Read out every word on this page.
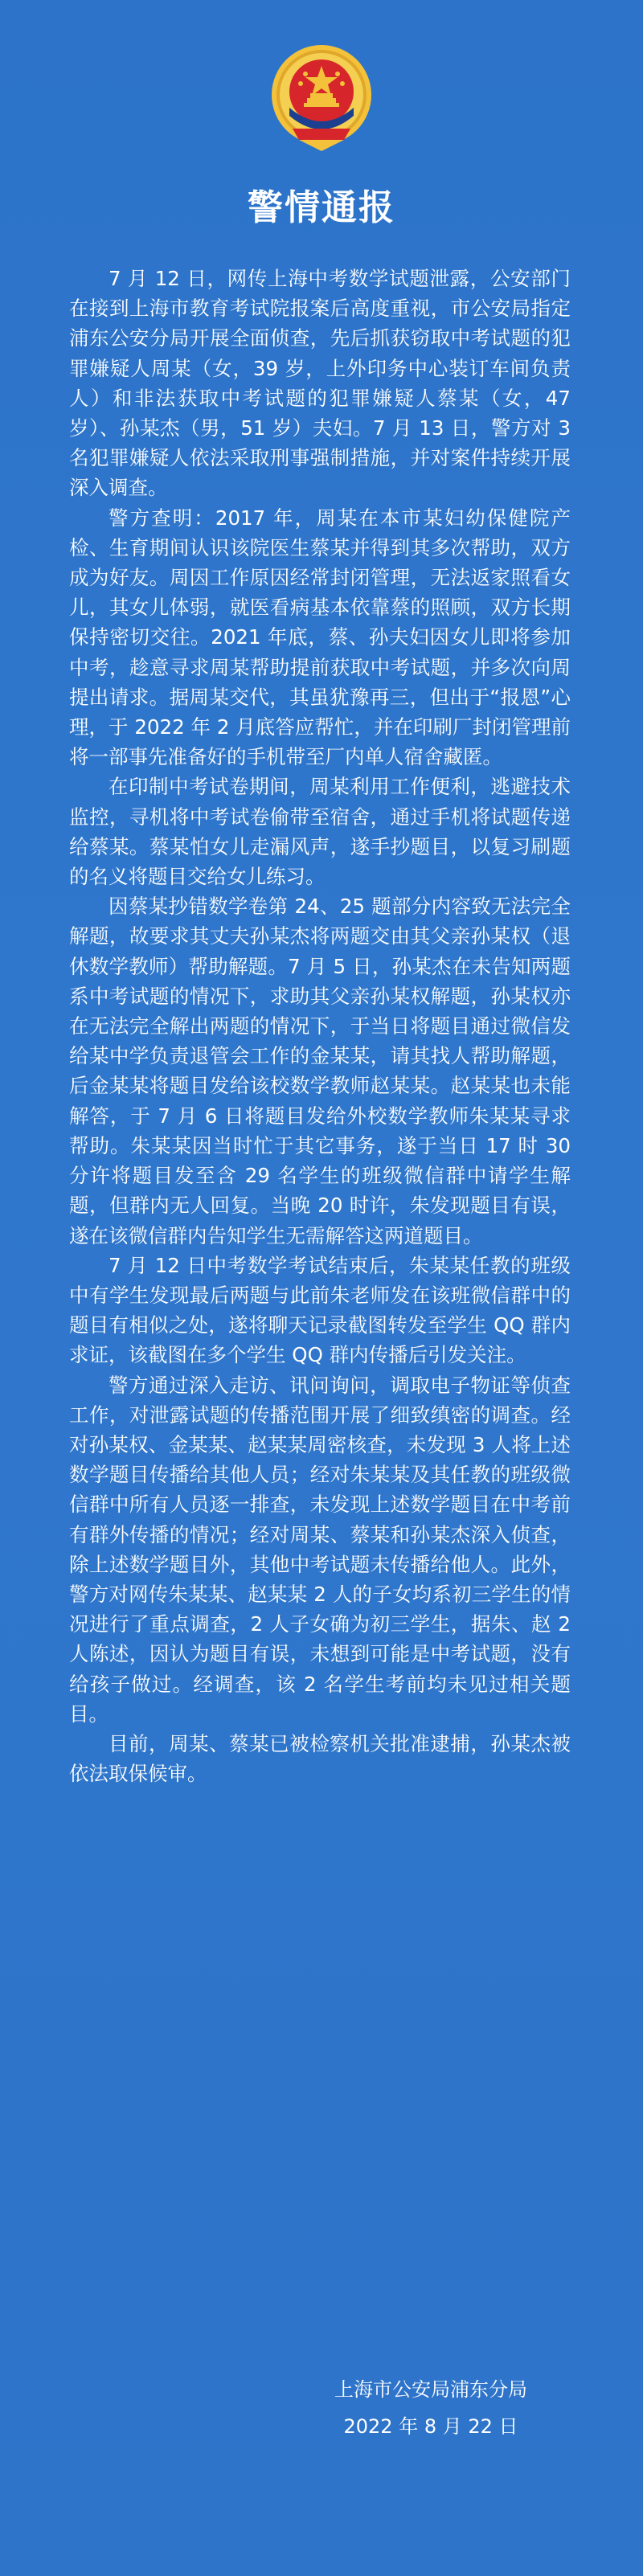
警情通报

7 月 12 日，网传上海中考数学试题泄露，公安部门在接到上海市教育考试院报案后高度重视，市公安局指定浦东公安分局开展全面侦查，先后抓获窃取中考试题的犯罪嫌疑人周某（女，39 岁，上外印务中心装订车间负责人）和非法获取中考试题的犯罪嫌疑人蔡某（女，47 岁）、孙某杰（男，51 岁）夫妇。7 月 13 日，警方对 3 名犯罪嫌疑人依法采取刑事强制措施，并对案件持续开展深入调查。

警方查明：2017 年，周某在本市某妇幼保健院产检、生育期间认识该院医生蔡某并得到其多次帮助，双方成为好友。周因工作原因经常封闭管理，无法返家照看女儿，其女儿体弱，就医看病基本依靠蔡的照顾，双方长期保持密切交往。2021 年底，蔡、孙夫妇因女儿即将参加中考，趁意寻求周某帮助提前获取中考试题，并多次向周提出请求。据周某交代，其虽犹豫再三，但出于“报恩”心理，于 2022 年 2 月底答应帮忙，并在印刷厂封闭管理前将一部事先准备好的手机带至厂内单人宿舍藏匿。

在印制中考试卷期间，周某利用工作便利，逃避技术监控，寻机将中考试卷偷带至宿舍，通过手机将试题传递给蔡某。蔡某怕女儿走漏风声，遂手抄题目，以复习刷题的名义将题目交给女儿练习。

因蔡某抄错数学卷第 24、25 题部分内容致无法完全解题，故要求其丈夫孙某杰将两题交由其父亲孙某权（退休数学教师）帮助解题。7 月 5 日，孙某杰在未告知两题系中考试题的情况下，求助其父亲孙某权解题，孙某权亦在无法完全解出两题的情况下，于当日将题目通过微信发给某中学负责退管会工作的金某某，请其找人帮助解题，后金某某将题目发给该校数学教师赵某某。赵某某也未能解答，于 7 月 6 日将题目发给外校数学教师朱某某寻求帮助。朱某某因当时忙于其它事务，遂于当日 17 时 30 分许将题目发至含 29 名学生的班级微信群中请学生解题，但群内无人回复。当晚 20 时许，朱发现题目有误，遂在该微信群内告知学生无需解答这两道题目。

7 月 12 日中考数学考试结束后，朱某某任教的班级中有学生发现最后两题与此前朱老师发在该班微信群中的题目有相似之处，遂将聊天记录截图转发至学生 QQ 群内求证，该截图在多个学生 QQ 群内传播后引发关注。

警方通过深入走访、讯问询问，调取电子物证等侦查工作，对泄露试题的传播范围开展了细致缜密的调查。经对孙某权、金某某、赵某某周密核查，未发现 3 人将上述数学题目传播给其他人员；经对朱某某及其任教的班级微信群中所有人员逐一排查，未发现上述数学题目在中考前有群外传播的情况；经对周某、蔡某和孙某杰深入侦查，除上述数学题目外，其他中考试题未传播给他人。此外，警方对网传朱某某、赵某某 2 人的子女均系初三学生的情况进行了重点调查，2 人子女确为初三学生，据朱、赵 2 人陈述，因认为题目有误，未想到可能是中考试题，没有给孩子做过。经调查，该 2 名学生考前均未见过相关题目。

目前，周某、蔡某已被检察机关批准逮捕，孙某杰被依法取保候审。

上海市公安局浦东分局
2022 年 8 月 22 日
